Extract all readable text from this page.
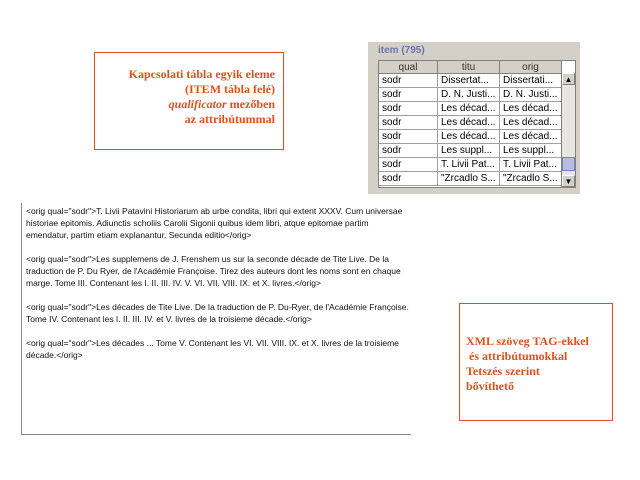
Kapcsolati tábla egyik eleme
(ITEM tábla felé)
qualificator mezőben
az attribútummal
item (795)
qual	titu	orig
sodr	Dissertat...	Dissertati...
sodr	D. N. Justi...	D. N. Justi...
sodr	Les décad...	Les décad...
sodr	Les décad...	Les décad...
sodr	Les décad...	Les décad...
sodr	Les suppl...	Les suppl...
sodr	T. Livii Pat...	T. Livii Pat...
sodr	"Zrcadlo S...	"Zrcadlo S...
▲
▼

<orig qual="sodr">T. Livii Patavini Historiarum ab urbe condita, libri qui extent XXXV. Cum universae historiae epitomis. Adiunctis scholiis Carolii Sigonii quibus idem libri, atque epitomae partim emendatur, partim etiam explanantur. Secunda editio</orig>

<orig qual="sodr">Les supplemens de J. Frenshem us sur la seconde décade de Tite Live. De la traduction de P. Du Ryer, de l'Académie Françoise. Tirez des auteurs dont les noms sont en chaque marge. Tome III. Contenant les I. II. III. IV. V. VI. VII. VIII. IX. et X. livres.</orig>

<orig qual="sodr">Les décades de Tite Live. De la traduction de P. Du-Ryer, de l'Académie Françoise. Tome IV. Contenant les I. II. III. IV. et V. livres de la troisieme décade.</orig>

<orig qual="sodr">Les décades ... Tome V. Contenant les VI. VII. VIII. IX. et X. livres de la troisieme décade.</orig>

XML szöveg TAG-ekkel
és attribútumokkal
Tetszés szerint
bővíthető
